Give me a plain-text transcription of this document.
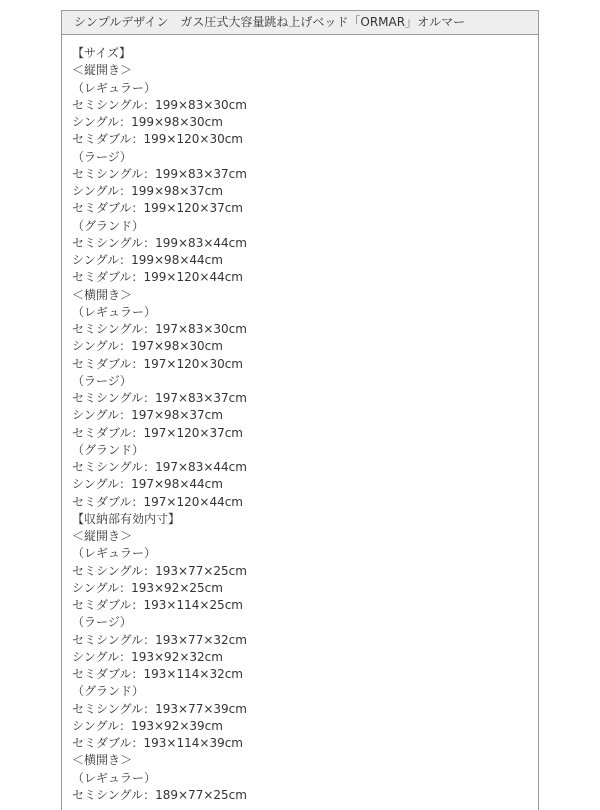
シンプルデザイン　ガス圧式大容量跳ね上げベッド「ORMAR」オルマー
【サイズ】
＜縦開き＞
（レギュラー）
セミシングル：199×83×30cm
シングル：199×98×30cm
セミダブル：199×120×30cm
（ラージ）
セミシングル：199×83×37cm
シングル：199×98×37cm
セミダブル：199×120×37cm
（グランド）
セミシングル：199×83×44cm
シングル：199×98×44cm
セミダブル：199×120×44cm
＜横開き＞
（レギュラー）
セミシングル：197×83×30cm
シングル：197×98×30cm
セミダブル：197×120×30cm
（ラージ）
セミシングル：197×83×37cm
シングル：197×98×37cm
セミダブル：197×120×37cm
（グランド）
セミシングル：197×83×44cm
シングル：197×98×44cm
セミダブル：197×120×44cm
【収納部有効内寸】
＜縦開き＞
（レギュラー）
セミシングル：193×77×25cm
シングル：193×92×25cm
セミダブル：193×114×25cm
（ラージ）
セミシングル：193×77×32cm
シングル：193×92×32cm
セミダブル：193×114×32cm
（グランド）
セミシングル：193×77×39cm
シングル：193×92×39cm
セミダブル：193×114×39cm
＜横開き＞
（レギュラー）
セミシングル：189×77×25cm
